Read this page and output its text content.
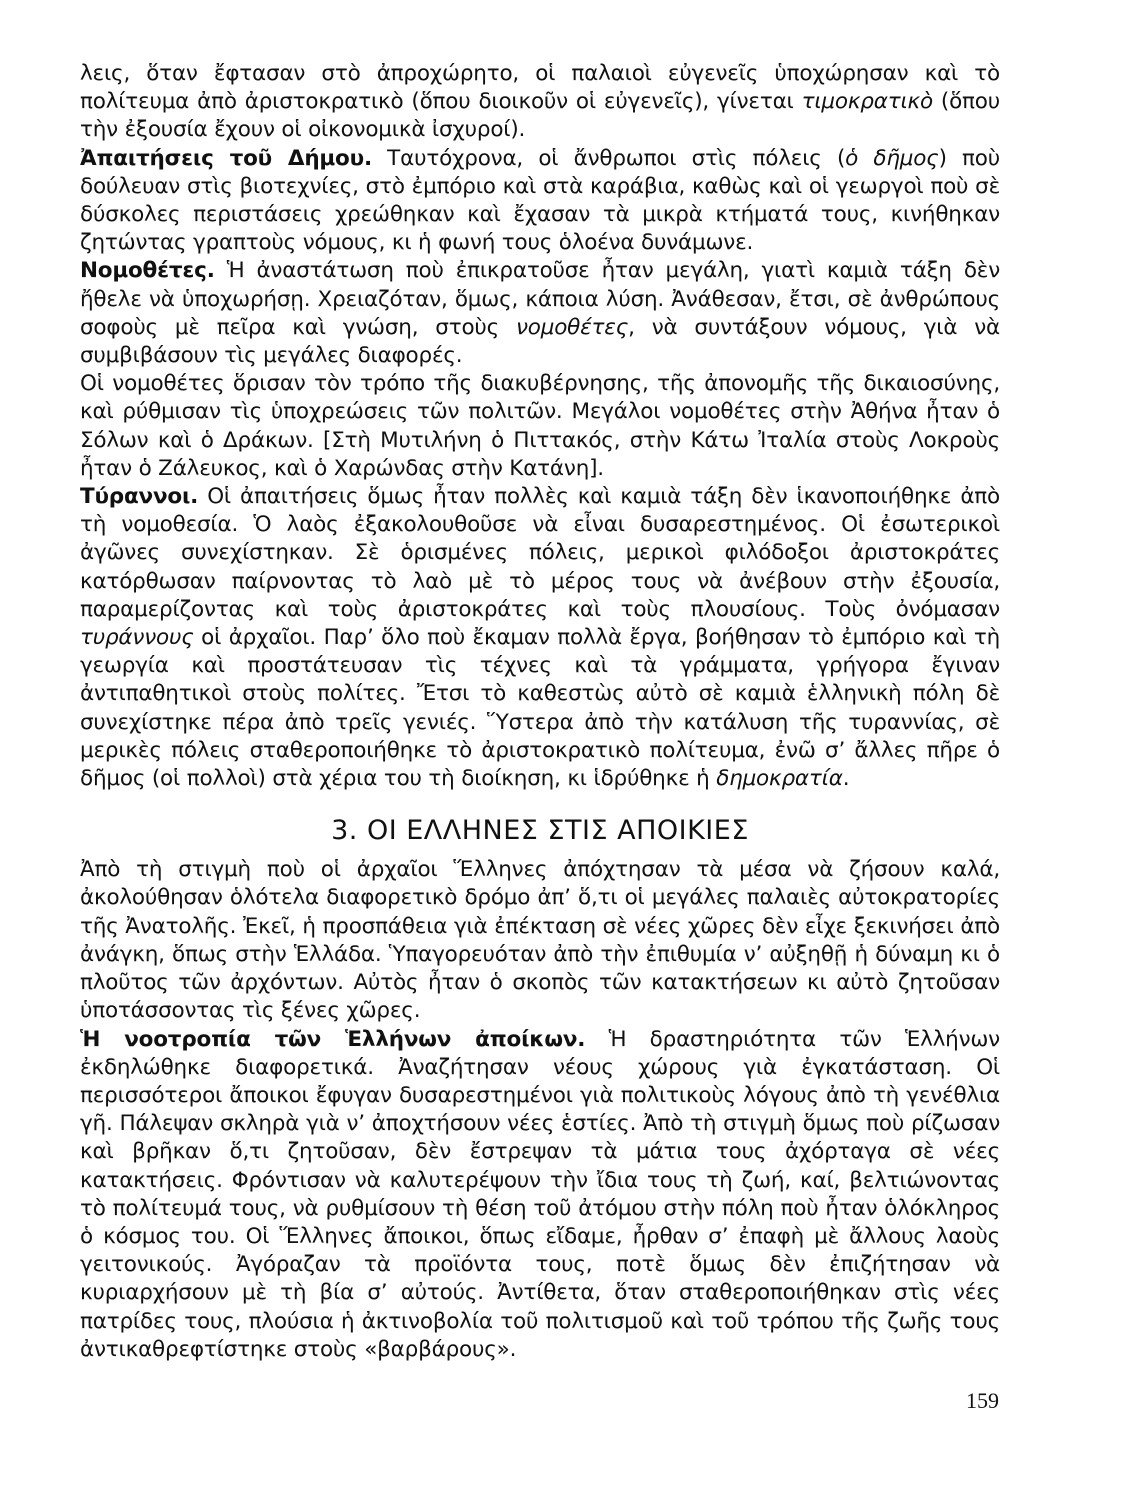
λεις, ὅταν ἔφτασαν στὸ ἀπροχώρητο, οἱ παλαιοὶ εὐγενεῖς ὑποχώρησαν καὶ τὸ πολίτευμα ἀπὸ ἀριστοκρατικὸ (ὅπου διοικοῦν οἱ εὐγενεῖς), γίνεται τιμοκρατικὸ (ὅπου τὴν ἐξουσία ἔχουν οἱ οἰκονομικὰ ἰσχυροί).

Ἀπαιτήσεις τοῦ Δήμου. Ταυτόχρονα, οἱ ἄνθρωποι στὶς πόλεις (ὁ δῆμος) ποὺ δούλευαν στὶς βιοτεχνίες, στὸ ἐμπόριο καὶ στὰ καράβια, καθὼς καὶ οἱ γεωργοὶ ποὺ σὲ δύσκολες περιστάσεις χρεώθηκαν καὶ ἔχασαν τὰ μικρὰ κτήματά τους, κινήθηκαν ζητώντας γραπτοὺς νόμους, κι ἡ φωνή τους ὁλοένα δυνάμωνε.

Νομοθέτες. Ἡ ἀναστάτωση ποὺ ἐπικρατοῦσε ἦταν μεγάλη, γιατὶ καμιὰ τάξη δὲν ἤθελε νὰ ὑποχωρήσῃ. Χρειαζόταν, ὅμως, κάποια λύση. Ἀνάθεσαν, ἔτσι, σὲ ἀνθρώπους σοφοὺς μὲ πεῖρα καὶ γνώση, στοὺς νομοθέτες, νὰ συντάξουν νόμους, γιὰ νὰ συμβιβάσουν τὶς μεγάλες διαφορές.

Οἱ νομοθέτες ὅρισαν τὸν τρόπο τῆς διακυβέρνησης, τῆς ἀπονομῆς τῆς δικαιοσύνης, καὶ ρύθμισαν τὶς ὑποχρεώσεις τῶν πολιτῶν. Μεγάλοι νομοθέτες στὴν Ἀθήνα ἦταν ὁ Σόλων καὶ ὁ Δράκων. [Στὴ Μυτιλήνη ὁ Πιττακός, στὴν Κάτω Ἰταλία στοὺς Λοκροὺς ἦταν ὁ Ζάλευκος, καὶ ὁ Χαρώνδας στὴν Κατάνη].

Τύραννοι. Οἱ ἀπαιτήσεις ὅμως ἦταν πολλὲς καὶ καμιὰ τάξη δὲν ἱκανοποιήθηκε ἀπὸ τὴ νομοθεσία. Ὁ λαὸς ἐξακολουθοῦσε νὰ εἶναι δυσαρεστημένος. Οἱ ἐσωτερικοὶ ἀγῶνες συνεχίστηκαν. Σὲ ὁρισμένες πόλεις, μερικοὶ φιλόδοξοι ἀριστοκράτες κατόρθωσαν παίρνοντας τὸ λαὸ μὲ τὸ μέρος τους νὰ ἀνέβουν στὴν ἐξουσία, παραμερίζοντας καὶ τοὺς ἀριστοκράτες καὶ τοὺς πλουσίους. Τοὺς ὀνόμασαν τυράννους οἱ ἀρχαῖοι. Παρ’ ὅλο ποὺ ἔκαμαν πολλὰ ἔργα, βοήθησαν τὸ ἐμπόριο καὶ τὴ γεωργία καὶ προστάτευσαν τὶς τέχνες καὶ τὰ γράμματα, γρήγορα ἔγιναν ἀντιπαθητικοὶ στοὺς πολίτες. Ἔτσι τὸ καθεστὼς αὐτὸ σὲ καμιὰ ἑλληνικὴ πόλη δὲ συνεχίστηκε πέρα ἀπὸ τρεῖς γενιές. Ὕστερα ἀπὸ τὴν κατάλυση τῆς τυραννίας, σὲ μερικὲς πόλεις σταθεροποιήθηκε τὸ ἀριστοκρατικὸ πολίτευμα, ἐνῶ σ’ ἄλλες πῆρε ὁ δῆμος (οἱ πολλοὶ) στὰ χέρια του τὴ διοίκηση, κι ἱδρύθηκε ἡ δημοκρατία.

3. ΟΙ ΕΛΛΗΝΕΣ ΣΤΙΣ ΑΠΟΙΚΙΕΣ

Ἀπὸ τὴ στιγμὴ ποὺ οἱ ἀρχαῖοι Ἕλληνες ἀπόχτησαν τὰ μέσα νὰ ζήσουν καλά, ἀκολούθησαν ὁλότελα διαφορετικὸ δρόμο ἀπ’ ὅ,τι οἱ μεγάλες παλαιὲς αὐτοκρατορίες τῆς Ἀνατολῆς. Ἐκεῖ, ἡ προσπάθεια γιὰ ἐπέκταση σὲ νέες χῶρες δὲν εἶχε ξεκινήσει ἀπὸ ἀνάγκη, ὅπως στὴν Ἑλλάδα. Ὑπαγορευόταν ἀπὸ τὴν ἐπιθυμία ν’ αὐξηθῇ ἡ δύναμη κι ὁ πλοῦτος τῶν ἀρχόντων. Αὐτὸς ἦταν ὁ σκοπὸς τῶν κατακτήσεων κι αὐτὸ ζητοῦσαν ὑποτάσσοντας τὶς ξένες χῶρες.

Ἡ νοοτροπία τῶν Ἑλλήνων ἀποίκων. Ἡ δραστηριότητα τῶν Ἑλλήνων ἐκδηλώθηκε διαφορετικά. Ἀναζήτησαν νέους χώρους γιὰ ἐγκατάσταση. Οἱ περισσότεροι ἄποικοι ἔφυγαν δυσαρεστημένοι γιὰ πολιτικοὺς λόγους ἀπὸ τὴ γενέθλια γῆ. Πάλεψαν σκληρὰ γιὰ ν’ ἀποχτήσουν νέες ἑστίες. Ἀπὸ τὴ στιγμὴ ὅμως ποὺ ρίζωσαν καὶ βρῆκαν ὅ,τι ζητοῦσαν, δὲν ἔστρεψαν τὰ μάτια τους ἀχόρταγα σὲ νέες κατακτήσεις. Φρόντισαν νὰ καλυτερέψουν τὴν ἴδια τους τὴ ζωή, καί, βελτιώνοντας τὸ πολίτευμά τους, νὰ ρυθμίσουν τὴ θέση τοῦ ἀτόμου στὴν πόλη ποὺ ἦταν ὁλόκληρος ὁ κόσμος του. Οἱ Ἕλληνες ἄποικοι, ὅπως εἴδαμε, ἦρθαν σ’ ἐπαφὴ μὲ ἄλλους λαοὺς γειτονικούς. Ἀγόραζαν τὰ προϊόντα τους, ποτὲ ὅμως δὲν ἐπιζήτησαν νὰ κυριαρχήσουν μὲ τὴ βία σ’ αὐτούς. Ἀντίθετα, ὅταν σταθεροποιήθηκαν στὶς νέες πατρίδες τους, πλούσια ἡ ἀκτινοβολία τοῦ πολιτισμοῦ καὶ τοῦ τρόπου τῆς ζωῆς τους ἀντικαθρεφτίστηκε στοὺς «βαρβάρους».

159
